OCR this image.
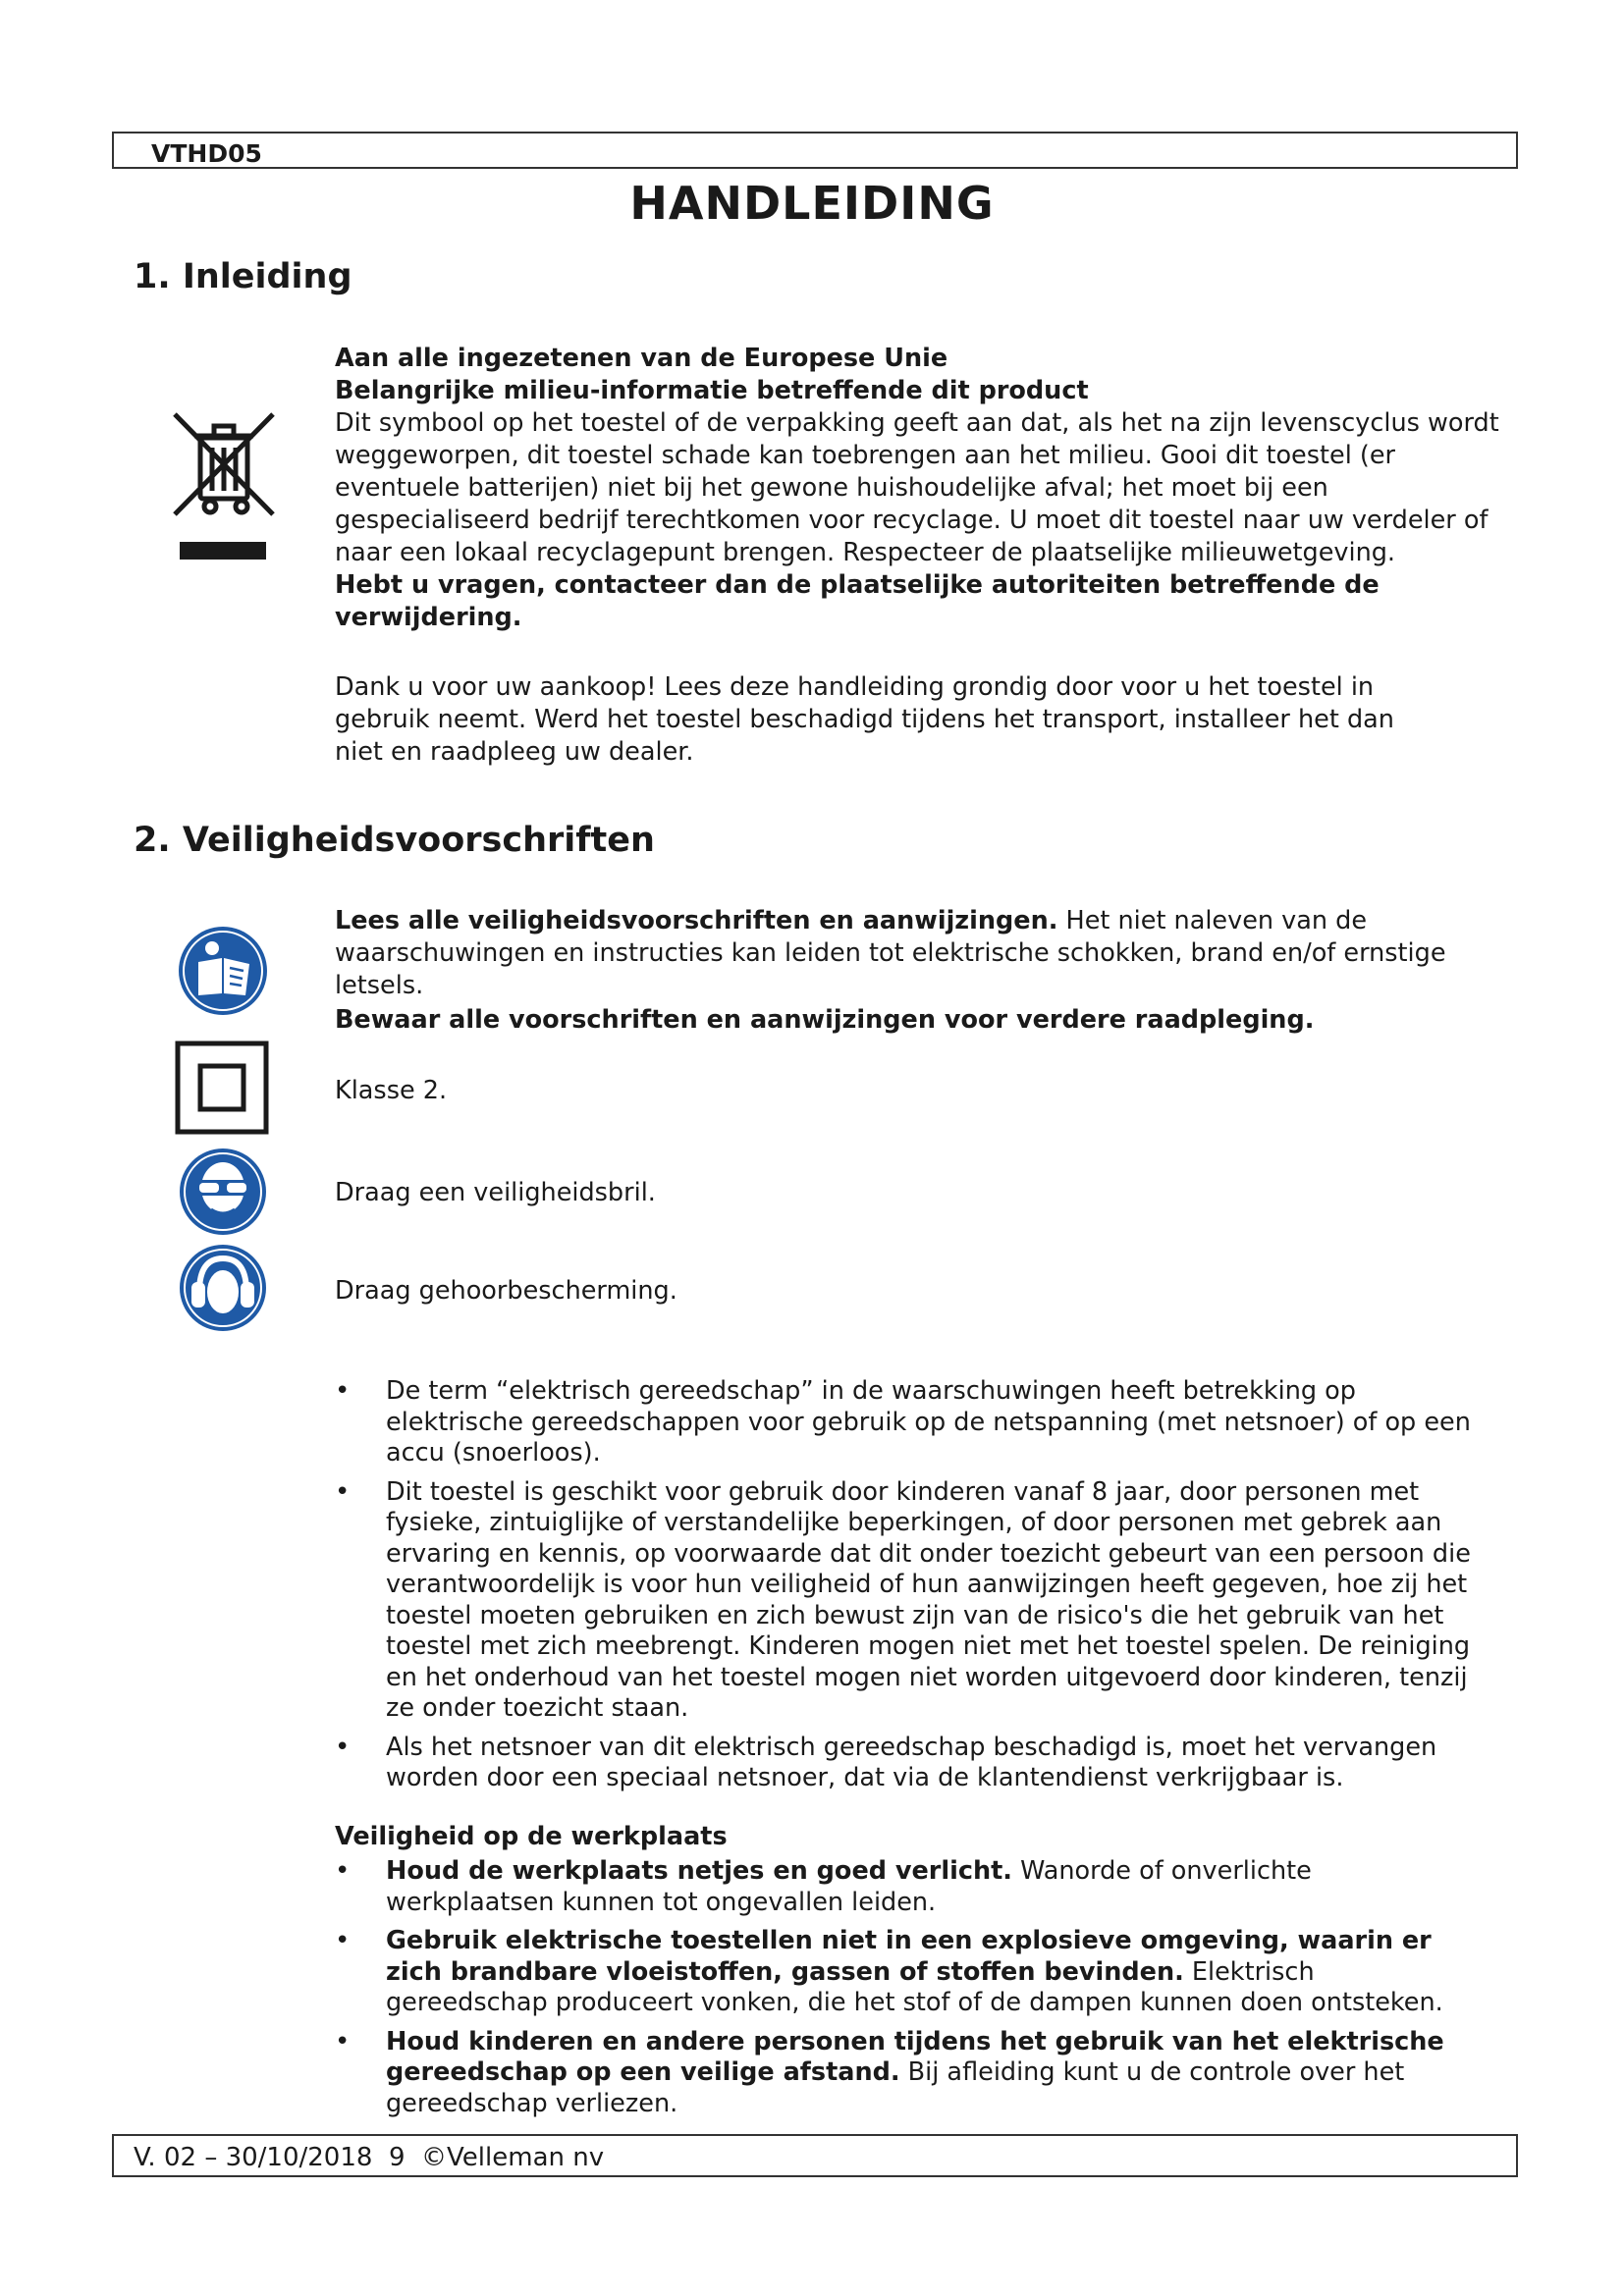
VTHD05
HANDLEIDING
1. Inleiding

Aan alle ingezetenen van de Europese Unie

Belangrijke milieu-informatie betreffende dit product

Dit symbool op het toestel of de verpakking geeft aan dat, als het na zijn levenscyclus wordt weggeworpen, dit toestel schade kan toebrengen aan het milieu. Gooi dit toestel (er eventuele batterijen) niet bij het gewone huishoudelijke afval; het moet bij een gespecialiseerd bedrijf terechtkomen voor recyclage. U moet dit toestel naar uw verdeler of naar een lokaal recyclagepunt brengen. Respecteer de plaatselijke milieuwetgeving.

Hebt u vragen, contacteer dan de plaatselijke autoriteiten betreffende de verwijdering.

Dank u voor uw aankoop! Lees deze handleiding grondig door voor u het toestel in gebruik neemt. Werd het toestel beschadigd tijdens het transport, installeer het dan niet en raadpleeg uw dealer.

2. Veiligheidsvoorschriften

Lees alle veiligheidsvoorschriften en aanwijzingen. Het niet naleven van de waarschuwingen en instructies kan leiden tot elektrische schokken, brand en/of ernstige letsels.

Bewaar alle voorschriften en aanwijzingen voor verdere raadpleging.

Klasse 2.

Draag een veiligheidsbril.

Draag gehoorbescherming.

• De term “elektrisch gereedschap” in de waarschuwingen heeft betrekking op elektrische gereedschappen voor gebruik op de netspanning (met netsnoer) of op een accu (snoerloos).
• Dit toestel is geschikt voor gebruik door kinderen vanaf 8 jaar, door personen met fysieke, zintuiglijke of verstandelijke beperkingen, of door personen met gebrek aan ervaring en kennis, op voorwaarde dat dit onder toezicht gebeurt van een persoon die verantwoordelijk is voor hun veiligheid of hun aanwijzingen heeft gegeven, hoe zij het toestel moeten gebruiken en zich bewust zijn van de risico's die het gebruik van het toestel met zich meebrengt. Kinderen mogen niet met het toestel spelen. De reiniging en het onderhoud van het toestel mogen niet worden uitgevoerd door kinderen, tenzij ze onder toezicht staan.
• Als het netsnoer van dit elektrisch gereedschap beschadigd is, moet het vervangen worden door een speciaal netsnoer, dat via de klantendienst verkrijgbaar is.

Veiligheid op de werkplaats

• Houd de werkplaats netjes en goed verlicht. Wanorde of onverlichte werkplaatsen kunnen tot ongevallen leiden.
• Gebruik elektrische toestellen niet in een explosieve omgeving, waarin er zich brandbare vloeistoffen, gassen of stoffen bevinden. Elektrisch gereedschap produceert vonken, die het stof of de dampen kunnen doen ontsteken.
• Houd kinderen en andere personen tijdens het gebruik van het elektrische gereedschap op een veilige afstand. Bij afleiding kunt u de controle over het gereedschap verliezen.
V. 02 – 30/10/2018  9  ©Velleman nv
